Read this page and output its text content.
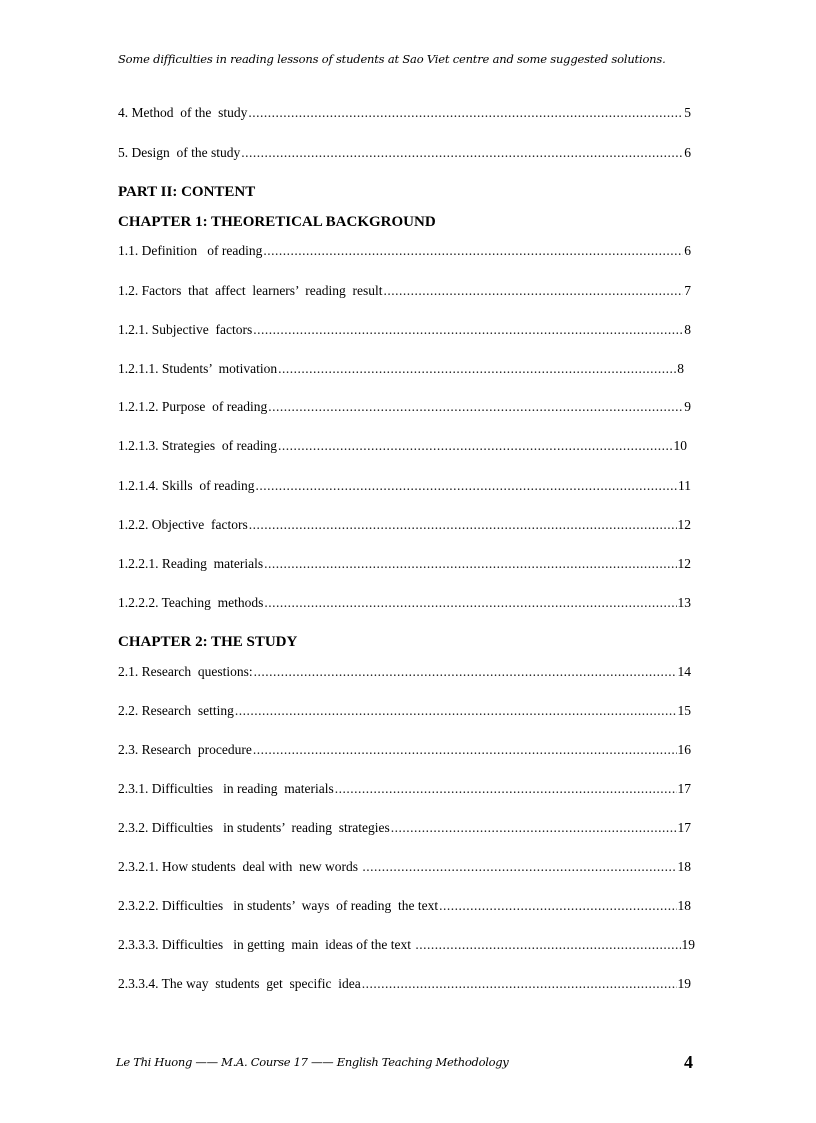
Some difficulties in reading lessons of students at Sao Viet centre and some suggested solutions.
4. Method  of the  study .....	5
5. Design  of the study .....	6
PART II: CONTENT
CHAPTER 1: THEORETICAL BACKGROUND
1.1. Definition   of reading .....	6
1.2. Factors  that  affect  learners’  reading  result .....	7
1.2.1. Subjective  factors .....	8
1.2.1.1. Students’  motivation .....	8
1.2.1.2. Purpose  of reading .....	9
1.2.1.3. Strategies  of reading .....	10
1.2.1.4. Skills  of reading .....	11
1.2.2. Objective  factors .....	12
1.2.2.1. Reading  materials .....	12
1.2.2.2. Teaching  methods .....	13
CHAPTER 2: THE STUDY
2.1. Research  questions: .....	14
2.2. Research  setting .....	15
2.3. Research  procedure .....	16
2.3.1. Difficulties   in reading  materials .....	17
2.3.2. Difficulties   in students’  reading  strategies .....	17
2.3.2.1. How students  deal with  new words .....	18
2.3.2.2. Difficulties   in students’  ways  of reading  the text .....	18
2.3.3.3. Difficulties   in getting  main  ideas of the text .....	19
2.3.3.4. The way  students  get  specific  idea .....	19
Le Thi Huong —— M.A. Course 17 —— English Teaching Methodology	4
